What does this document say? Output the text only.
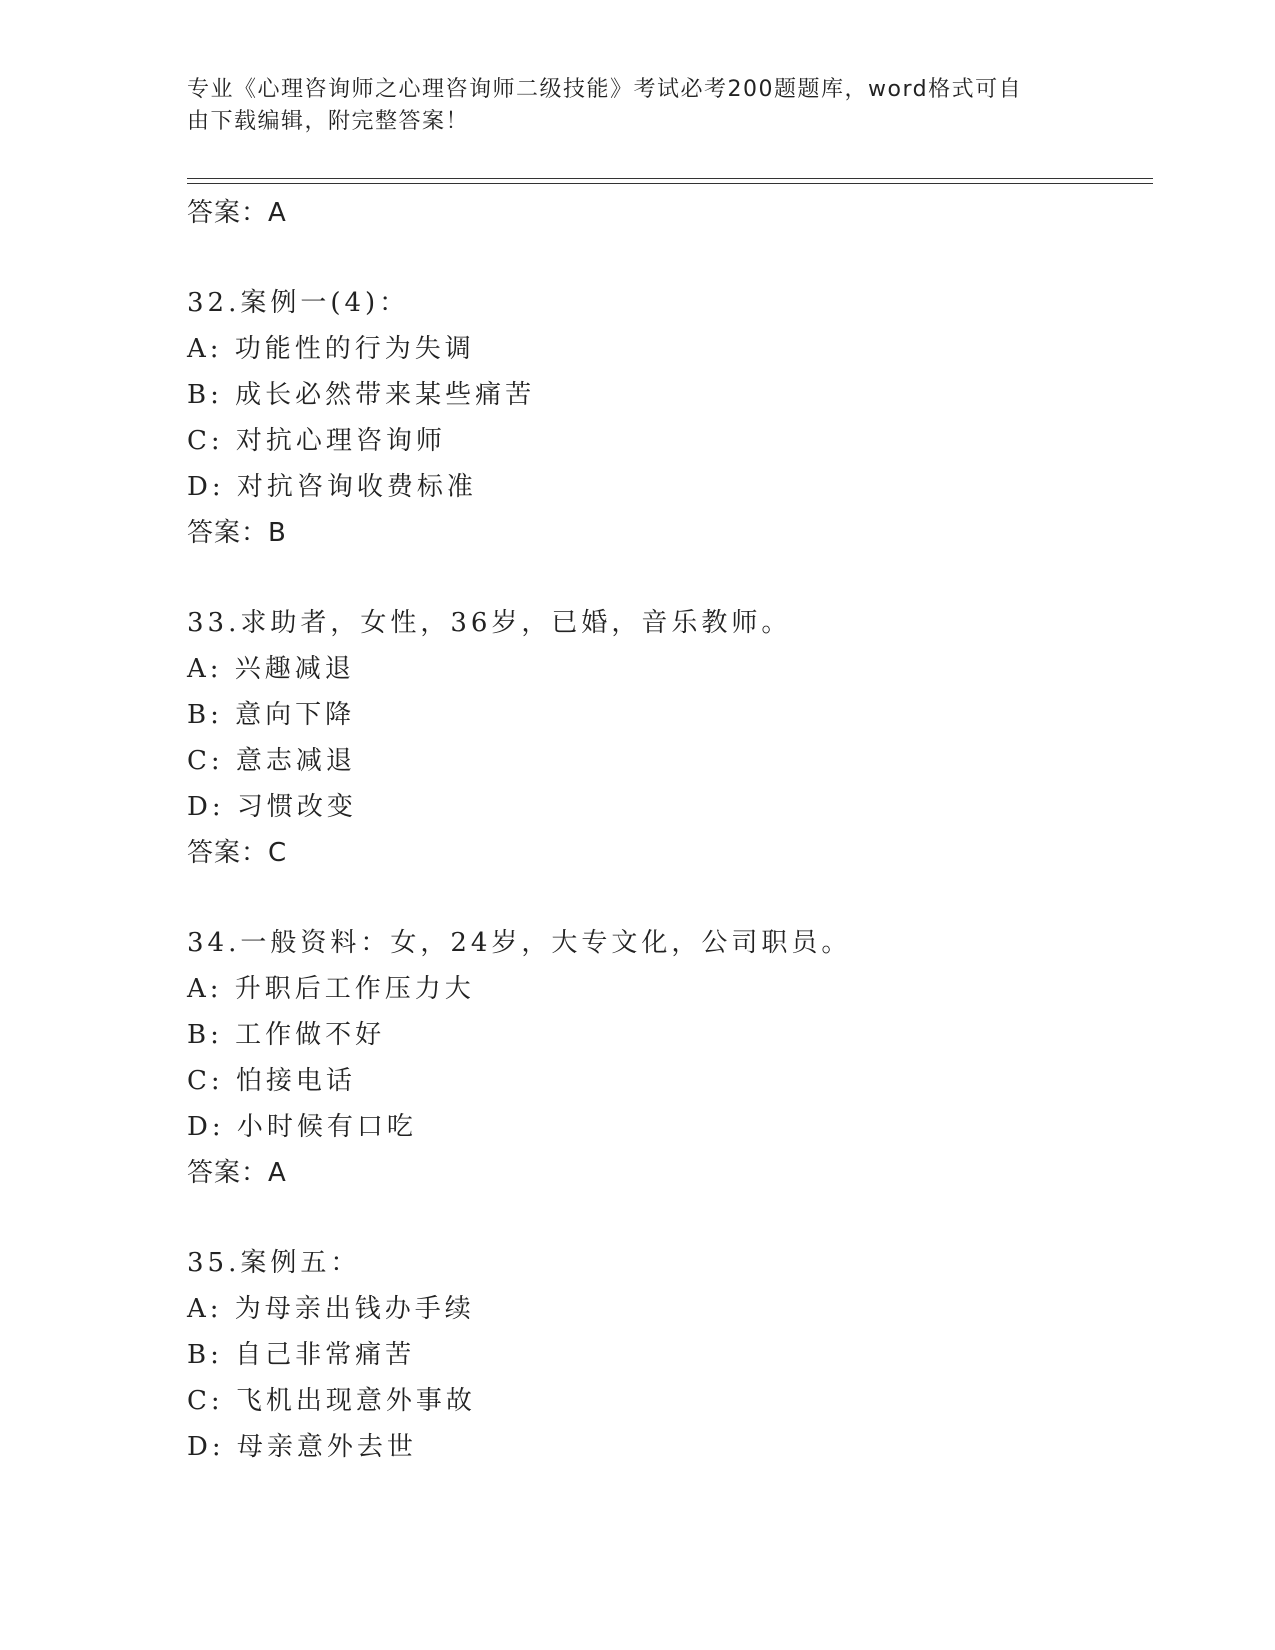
专业《心理咨询师之心理咨询师二级技能》考试必考200题题库，word格式可自
由下载编辑，附完整答案！
答案：A
32.案例一(4)：
A: 功能性的行为失调
B: 成长必然带来某些痛苦
C: 对抗心理咨询师
D: 对抗咨询收费标准
答案：B
33.求助者，女性，36岁，已婚，音乐教师。
A: 兴趣减退
B: 意向下降
C: 意志减退
D: 习惯改变
答案：C
34.一般资料：女，24岁，大专文化，公司职员。
A: 升职后工作压力大
B: 工作做不好
C: 怕接电话
D: 小时候有口吃
答案：A
35.案例五：
A: 为母亲出钱办手续
B: 自己非常痛苦
C: 飞机出现意外事故
D: 母亲意外去世
